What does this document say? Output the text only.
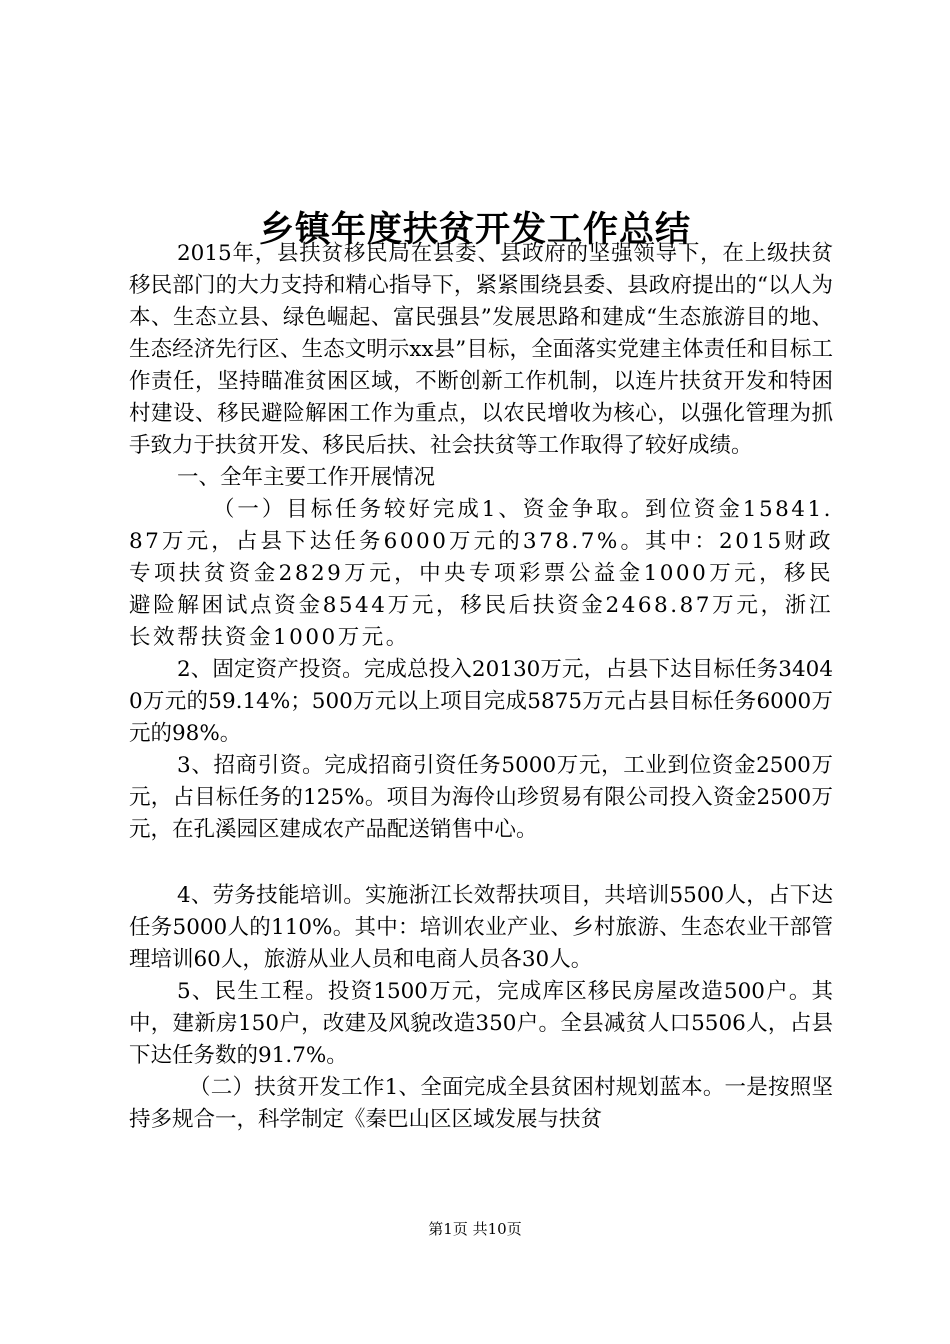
乡镇年度扶贫开发工作总结

2015年，县扶贫移民局在县委、县政府的坚强领导下，在上级扶贫移民部门的大力支持和精心指导下，紧紧围绕县委、县政府提出的“以人为本、生态立县、绿色崛起、富民强县”发展思路和建成“生态旅游目的地、生态经济先行区、生态文明示xx县”目标，全面落实党建主体责任和目标工作责任，坚持瞄准贫困区域，不断创新工作机制，以连片扶贫开发和特困村建设、移民避险解困工作为重点，以农民增收为核心，以强化管理为抓手致力于扶贫开发、移民后扶、社会扶贫等工作取得了较好成绩。

一、全年主要工作开展情况

（一）目标任务较好完成1、资金争取。到位资金15841.87万元，占县下达任务6000万元的378.7%。其中：2015财政专项扶贫资金2829万元，中央专项彩票公益金1000万元，移民避险解困试点资金8544万元，移民后扶资金2468.87万元，浙江长效帮扶资金1000万元。

2、固定资产投资。完成总投入20130万元，占县下达目标任务34040万元的59.14%；500万元以上项目完成5875万元占县目标任务6000万元的98%。

3、招商引资。完成招商引资任务5000万元，工业到位资金2500万元，占目标任务的125%。项目为海伶山珍贸易有限公司投入资金2500万元，在孔溪园区建成农产品配送销售中心。

4、劳务技能培训。实施浙江长效帮扶项目，共培训5500人，占下达任务5000人的110%。其中：培训农业产业、乡村旅游、生态农业干部管理培训60人，旅游从业人员和电商人员各30人。

5、民生工程。投资1500万元，完成库区移民房屋改造500户。其中，建新房150户，改建及风貌改造350户。全县减贫人口5506人，占县下达任务数的91.7%。

（二）扶贫开发工作1、全面完成全县贫困村规划蓝本。一是按照坚持多规合一，科学制定《秦巴山区区域发展与扶贫

第1页 共10页
